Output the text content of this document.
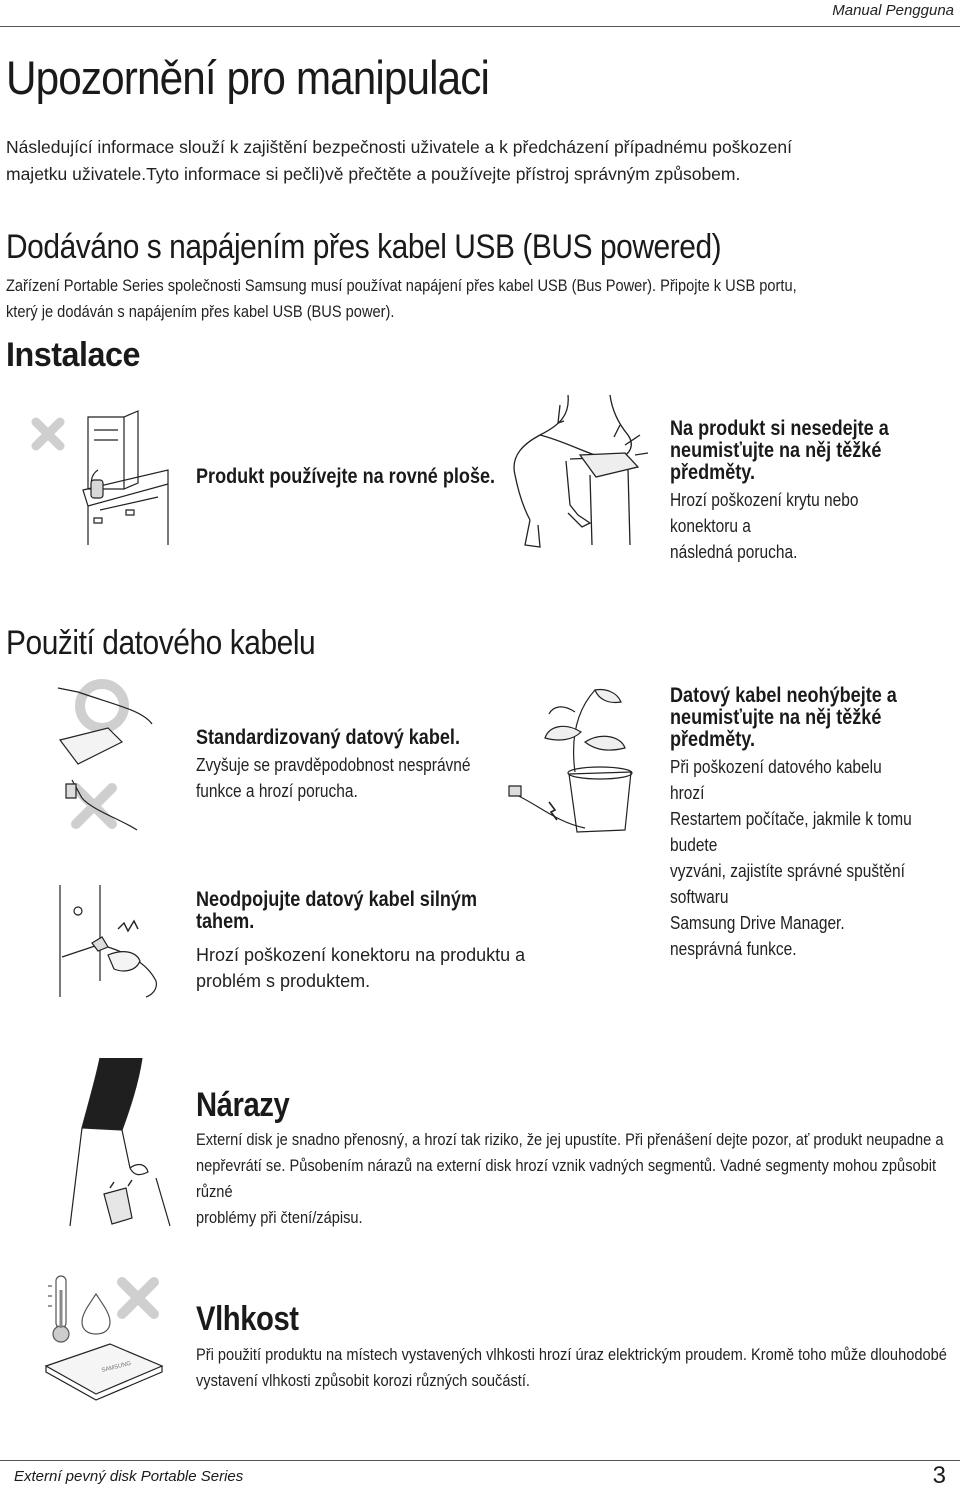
Manual Pengguna
Upozornění pro manipulaci
Následující informace slouží k zajištění bezpečnosti uživatele a k předcházení případnému poškození
majetku uživatele.Tyto informace si pečli)vě přečtěte a používejte přístroj správným způsobem.
Dodáváno s napájením přes kabel USB (BUS powered)
Zařízení Portable Series společnosti Samsung musí používat napájení přes kabel USB (Bus Power). Připojte k USB portu,
který je dodáván s napájením přes kabel USB (BUS power).
Instalace
Produkt používejte na rovné ploše.
Na produkt si nesedejte a
neumisťujte na něj těžké
předměty.
Hrozí poškození krytu nebo konektoru a
následná porucha.
Použití datového kabelu
Standardizovaný datový kabel.
Zvyšuje se pravděpodobnost nesprávné
funkce a hrozí porucha.
Datový kabel neohýbejte a
neumisťujte na něj těžké
předměty.
Při poškození datového kabelu hrozí
Restartem počítače, jakmile k tomu budete
vyzváni, zajistíte správné spuštění softwaru
Samsung Drive Manager. nesprávná funkce.
Neodpojujte datový kabel silným
tahem.
Hrozí poškození konektoru na produktu a
problém s produktem.
Nárazy
Externí disk je snadno přenosný, a hrozí tak riziko, že jej upustíte. Při přenášení dejte pozor, ať produkt neupadne a
nepřevrátí se. Působením nárazů na externí disk hrozí vznik vadných segmentů. Vadné segmenty mohou způsobit různé
problémy při čtení/zápisu.
SAMSUNG
Vlhkost
Při použití produktu na místech vystavených vlhkosti hrozí úraz elektrickým proudem. Kromě toho může dlouhodobé
vystavení vlhkosti způsobit korozi různých součástí.
Externí pevný disk Portable Series	3
